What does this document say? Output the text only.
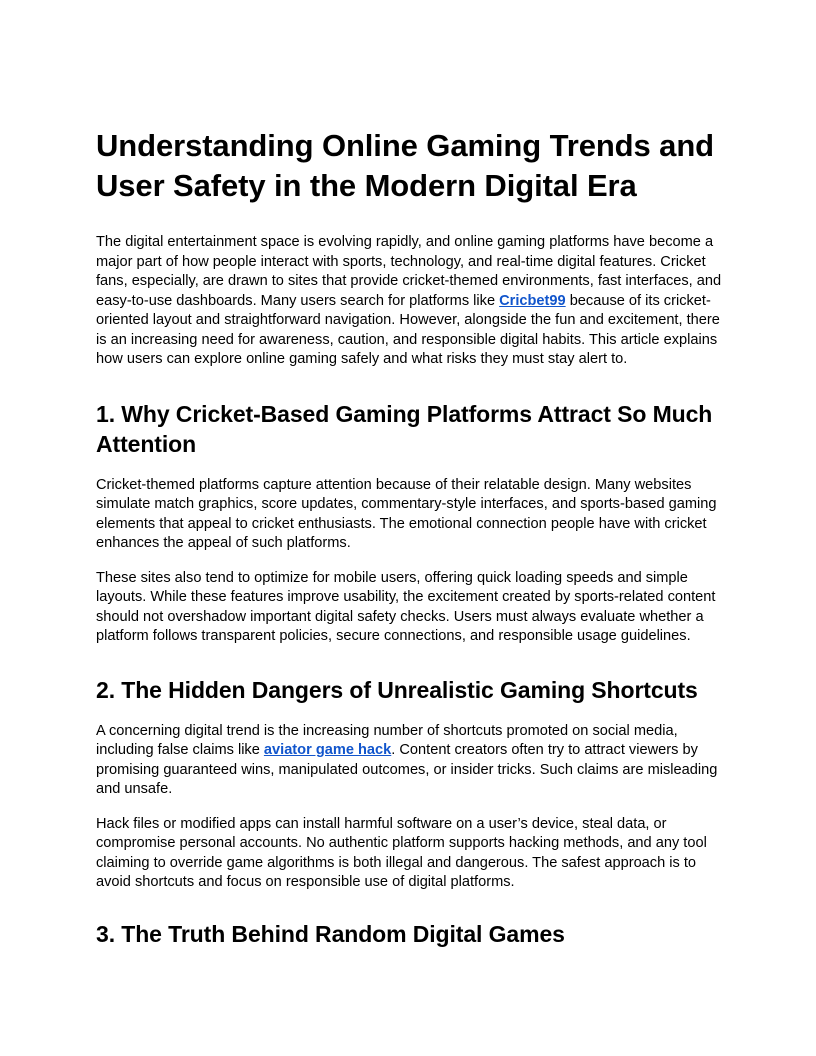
Understanding Online Gaming Trends and User Safety in the Modern Digital Era

The digital entertainment space is evolving rapidly, and online gaming platforms have become a major part of how people interact with sports, technology, and real-time digital features. Cricket fans, especially, are drawn to sites that provide cricket-themed environments, fast interfaces, and easy-to-use dashboards. Many users search for platforms like Cricbet99 because of its cricket-oriented layout and straightforward navigation. However, alongside the fun and excitement, there is an increasing need for awareness, caution, and responsible digital habits. This article explains how users can explore online gaming safely and what risks they must stay alert to.

1. Why Cricket-Based Gaming Platforms Attract So Much Attention

Cricket-themed platforms capture attention because of their relatable design. Many websites simulate match graphics, score updates, commentary-style interfaces, and sports-based gaming elements that appeal to cricket enthusiasts. The emotional connection people have with cricket enhances the appeal of such platforms.

These sites also tend to optimize for mobile users, offering quick loading speeds and simple layouts. While these features improve usability, the excitement created by sports-related content should not overshadow important digital safety checks. Users must always evaluate whether a platform follows transparent policies, secure connections, and responsible usage guidelines.

2. The Hidden Dangers of Unrealistic Gaming Shortcuts

A concerning digital trend is the increasing number of shortcuts promoted on social media, including false claims like aviator game hack. Content creators often try to attract viewers by promising guaranteed wins, manipulated outcomes, or insider tricks. Such claims are misleading and unsafe.

Hack files or modified apps can install harmful software on a user’s device, steal data, or compromise personal accounts. No authentic platform supports hacking methods, and any tool claiming to override game algorithms is both illegal and dangerous. The safest approach is to avoid shortcuts and focus on responsible use of digital platforms.

3. The Truth Behind Random Digital Games
